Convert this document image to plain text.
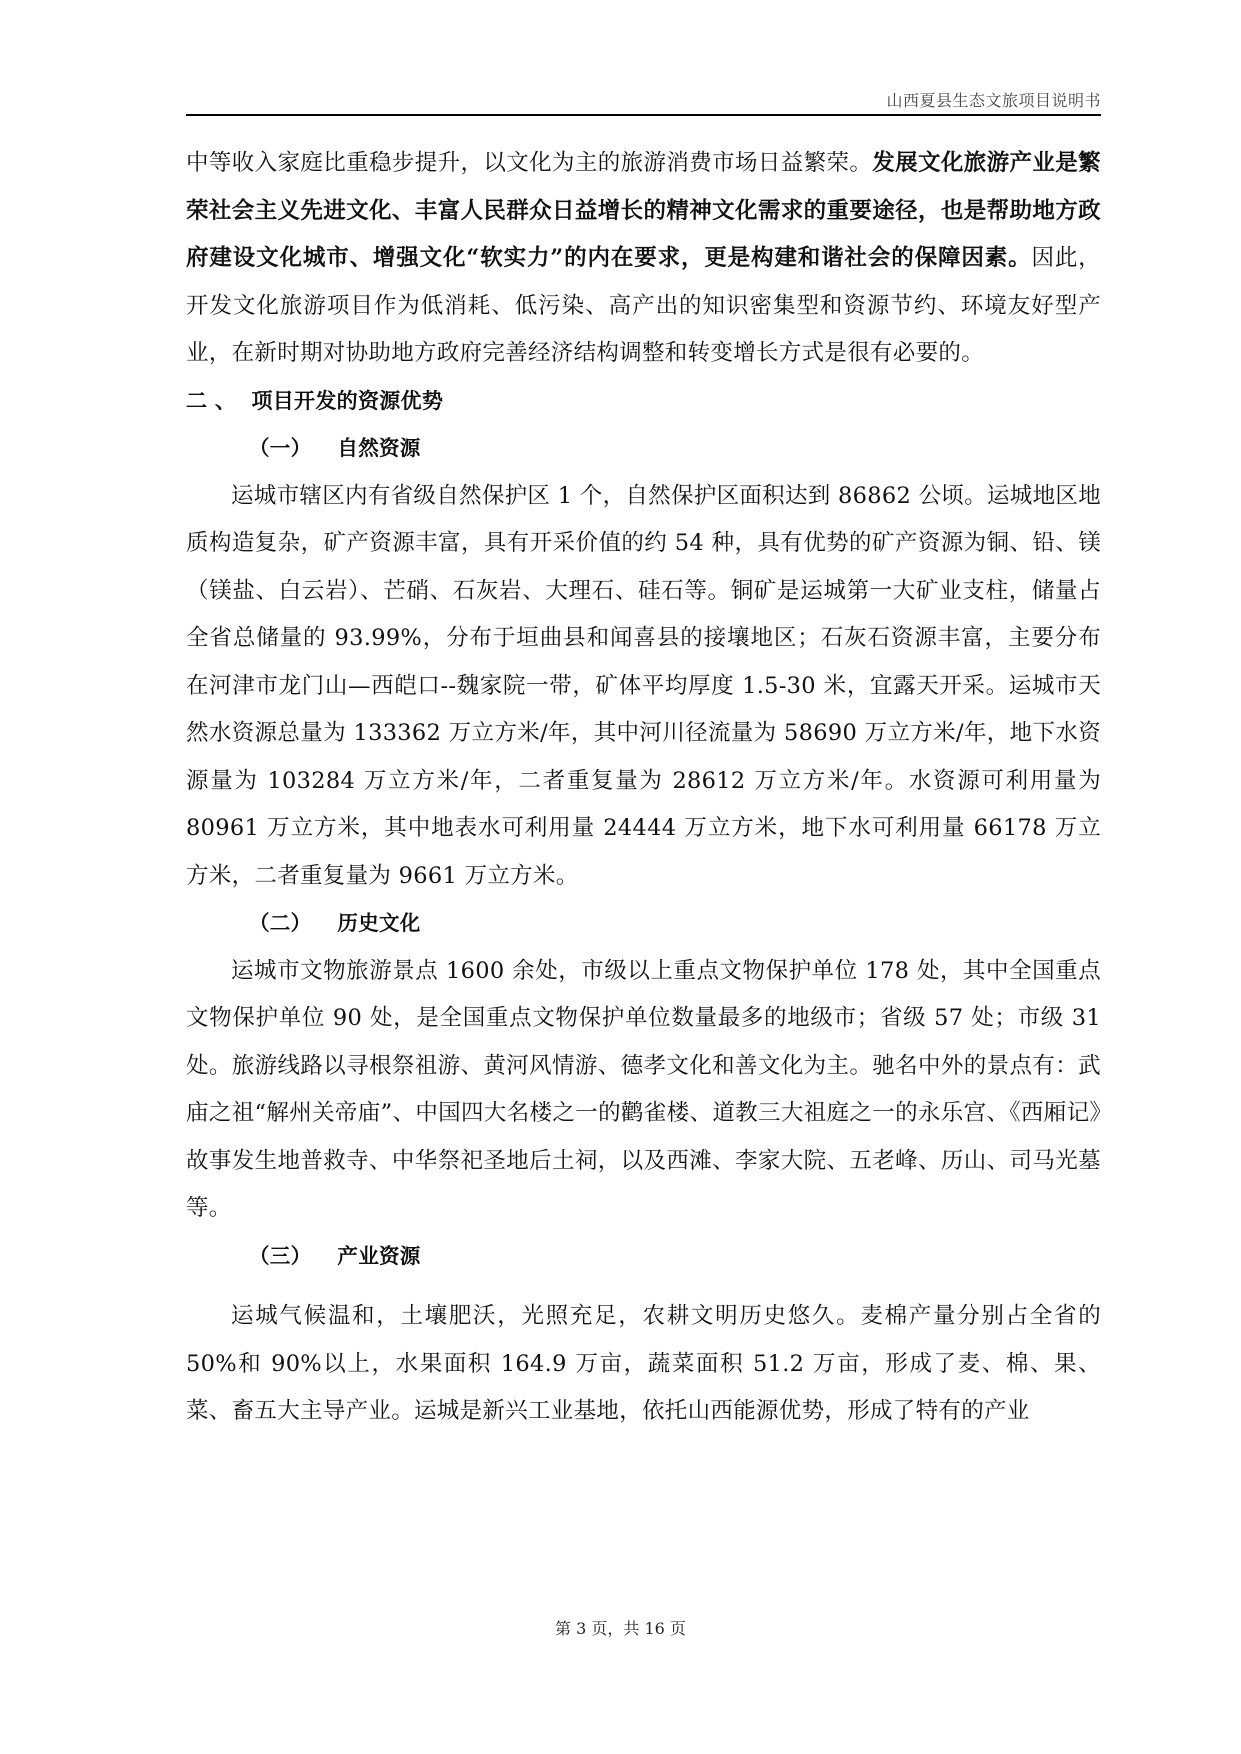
山西夏县生态文旅项目说明书

中等收入家庭比重稳步提升，以文化为主的旅游消费市场日益繁荣。发展文化旅游产业是繁荣社会主义先进文化、丰富人民群众日益增长的精神文化需求的重要途径，也是帮助地方政府建设文化城市、增强文化“软实力”的内在要求，更是构建和谐社会的保障因素。因此，开发文化旅游项目作为低消耗、低污染、高产出的知识密集型和资源节约、环境友好型产业，在新时期对协助地方政府完善经济结构调整和转变增长方式是很有必要的。

二 、 项目开发的资源优势

（一） 自然资源

运城市辖区内有省级自然保护区 1 个，自然保护区面积达到 86862 公顷。运城地区地质构造复杂，矿产资源丰富，具有开采价值的约 54 种，具有优势的矿产资源为铜、铅、镁（镁盐、白云岩）、芒硝、石灰岩、大理石、硅石等。铜矿是运城第一大矿业支柱，储量占全省总储量的 93.99%，分布于垣曲县和闻喜县的接壤地区；石灰石资源丰富，主要分布在河津市龙门山—西皑口--魏家院一带，矿体平均厚度 1.5-30 米，宜露天开采。运城市天然水资源总量为 133362 万立方米/年，其中河川径流量为 58690 万立方米/年，地下水资源量为 103284 万立方米/年，二者重复量为 28612 万立方米/年。水资源可利用量为 80961 万立方米，其中地表水可利用量 24444 万立方米，地下水可利用量 66178 万立方米，二者重复量为 9661 万立方米。

（二） 历史文化

运城市文物旅游景点 1600 余处，市级以上重点文物保护单位 178 处，其中全国重点文物保护单位 90 处，是全国重点文物保护单位数量最多的地级市；省级 57 处；市级 31 处。旅游线路以寻根祭祖游、黄河风情游、德孝文化和善文化为主。驰名中外的景点有：武庙之祖“解州关帝庙”、中国四大名楼之一的鹳雀楼、道教三大祖庭之一的永乐宫、《西厢记》故事发生地普救寺、中华祭祀圣地后土祠，以及西滩、李家大院、五老峰、历山、司马光墓等。

（三） 产业资源

运城气候温和，土壤肥沃，光照充足，农耕文明历史悠久。麦棉产量分别占全省的 50%和 90%以上，水果面积 164.9 万亩，蔬菜面积 51.2 万亩，形成了麦、棉、果、菜、畜五大主导产业。运城是新兴工业基地，依托山西能源优势，形成了特有的产业

第 3 页，共 16 页
